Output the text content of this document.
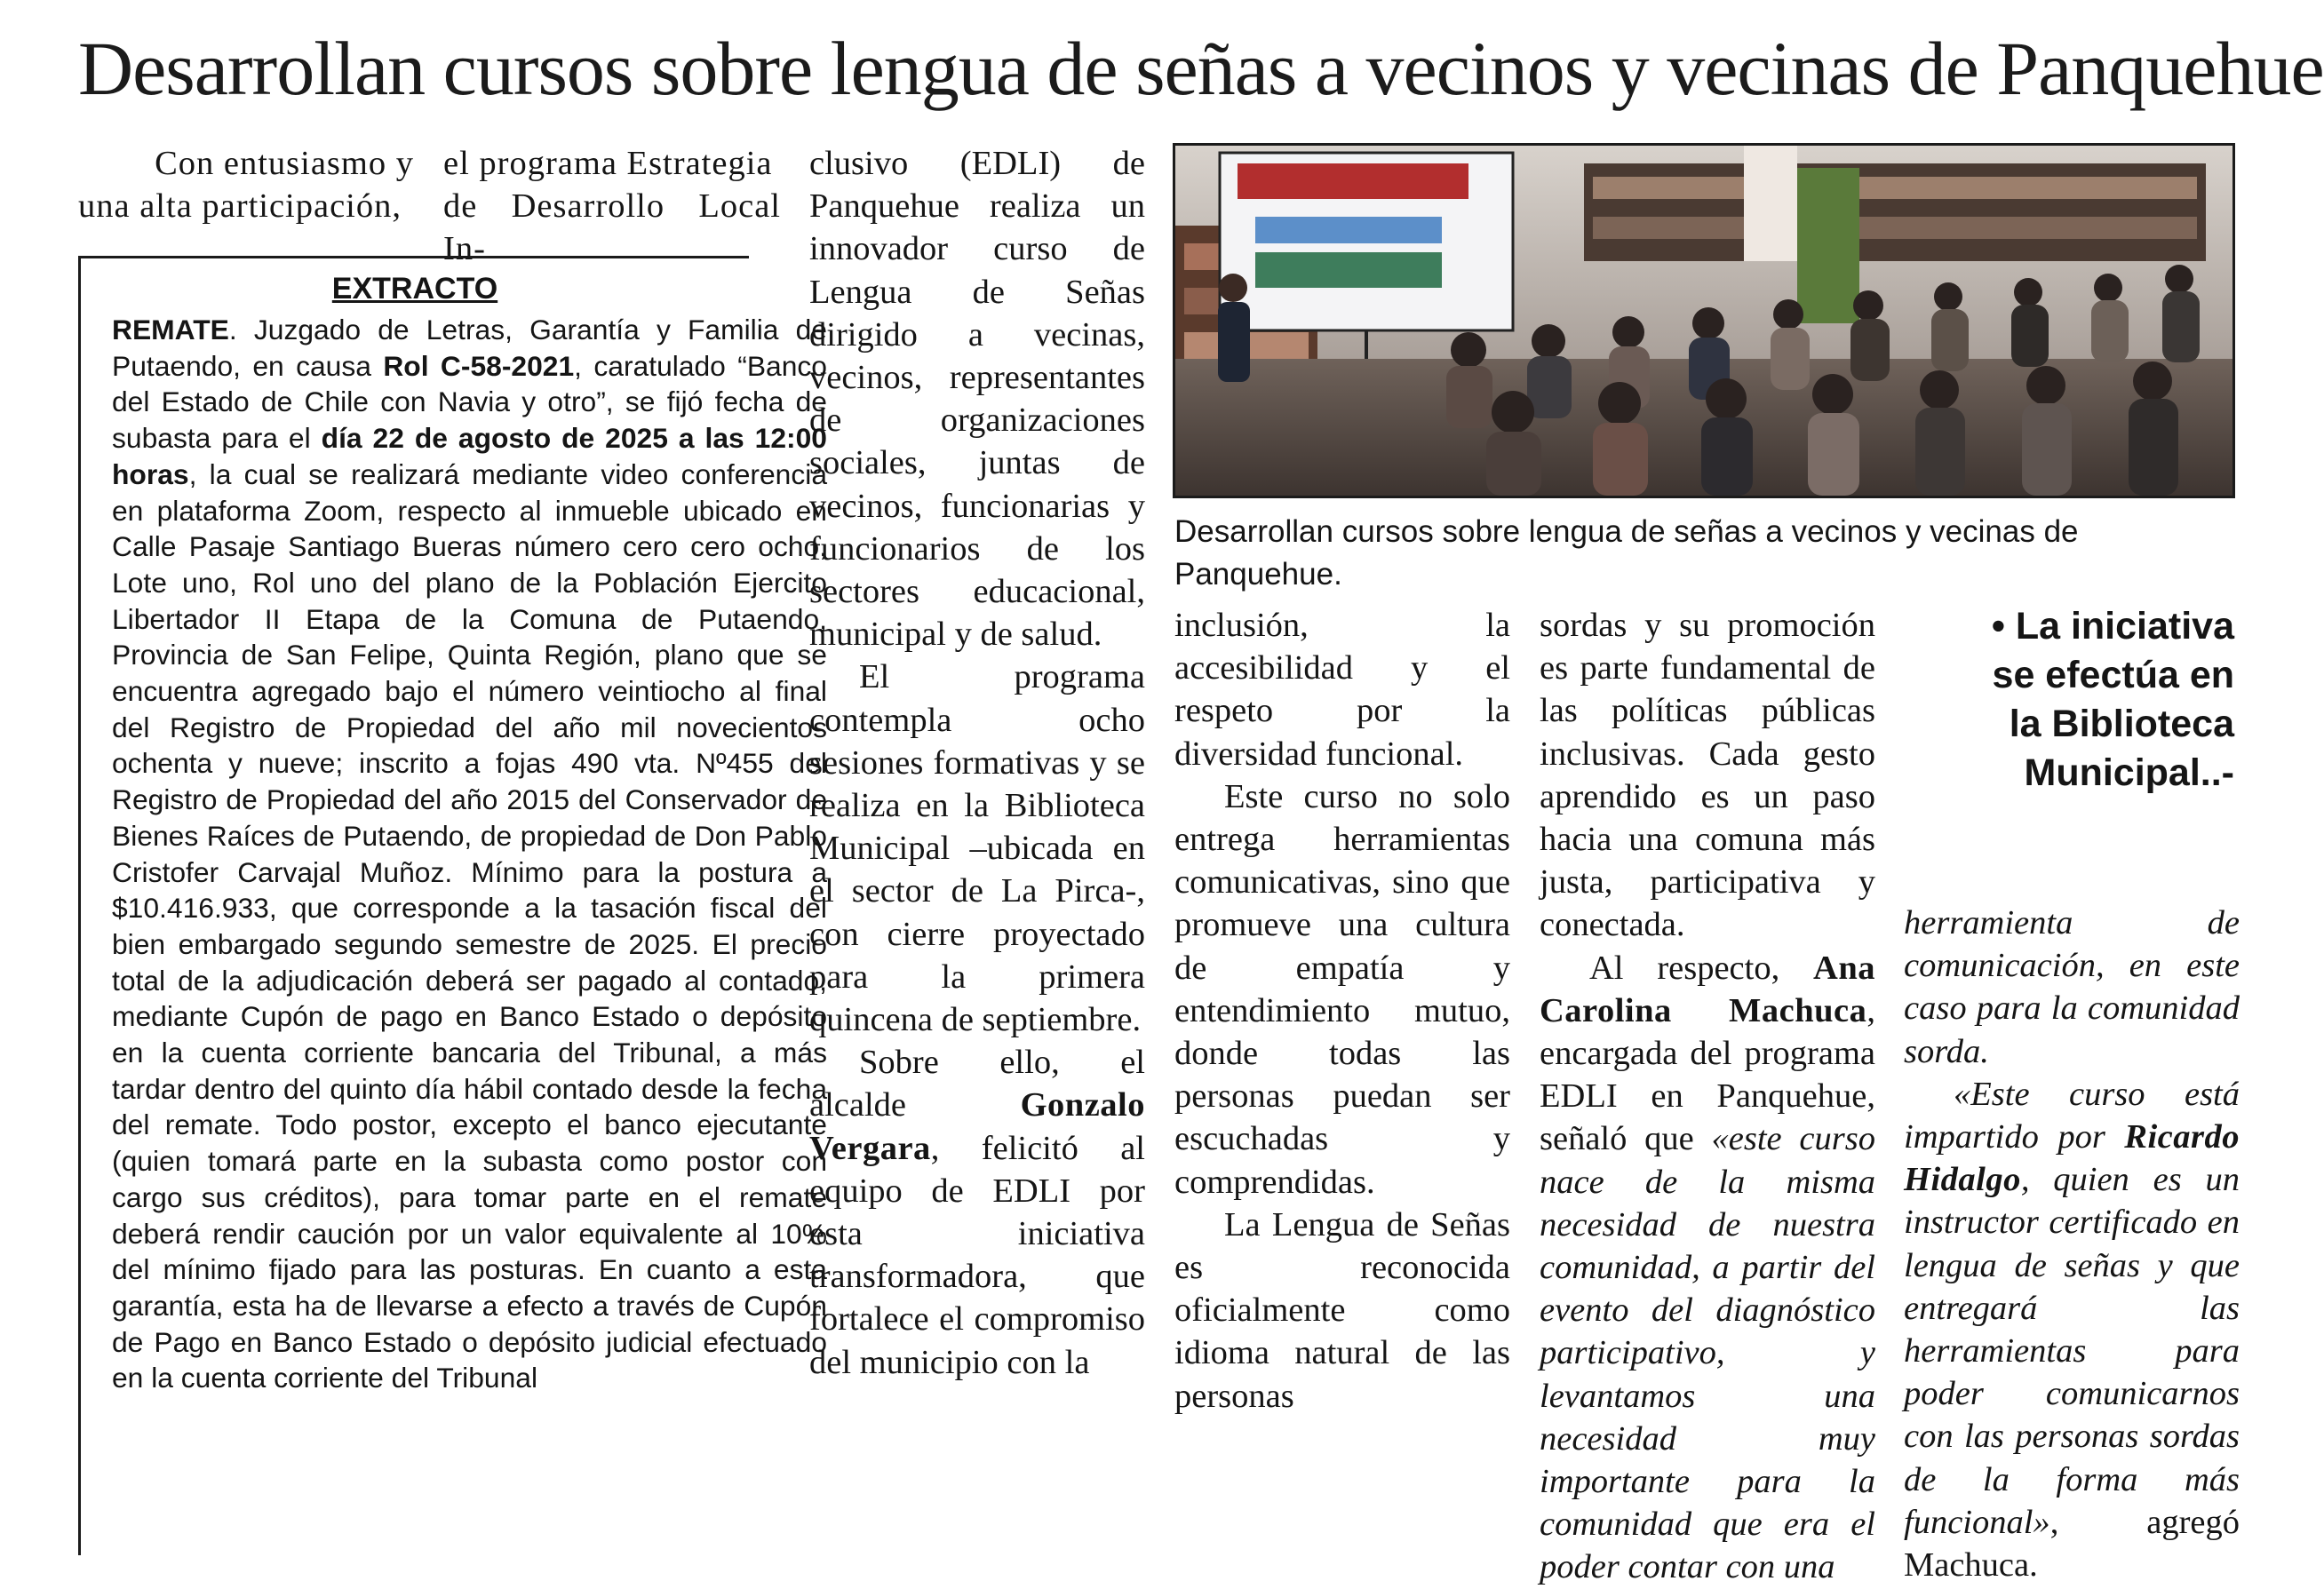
Desarrollan cursos sobre lengua de señas a vecinos y vecinas de Panquehue
Con entusiasmo y
una alta participación,
el programa Estrategia
de Desarrollo Local In-
EXTRACTO

REMATE. Juzgado de Letras, Garantía y Familia de Putaendo, en causa Rol C-58-2021, caratulado “Banco del Estado de Chile con Navia y otro”, se fijó fecha de subasta para el día 22 de agosto de 2025 a las 12:00 horas, la cual se realizará mediante video conferencia en plataforma Zoom, respecto al inmueble ubicado en Calle Pasaje Santiago Bueras número cero cero ocho, Lote uno, Rol uno del plano de la Población Ejercito Libertador II Etapa de la Comuna de Putaendo, Provincia de San Felipe, Quinta Región, plano que se encuentra agregado bajo el número veintiocho al final del Registro de Propiedad del año mil novecientos ochenta y nueve; inscrito a fojas 490 vta. Nº455 del Registro de Propiedad del año 2015 del Conservador de Bienes Raíces de Putaendo, de propiedad de Don Pablo Cristofer Carvajal Muñoz. Mínimo para la postura a $10.416.933, que corresponde a la tasación fiscal del bien embargado segundo semestre de 2025. El precio total de la adjudicación deberá ser pagado al contado, mediante Cupón de pago en Banco Estado o depósito en la cuenta corriente bancaria del Tribunal, a más tardar dentro del quinto día hábil contado desde la fecha del remate. Todo postor, excepto el banco ejecutante (quien tomará parte en la subasta como postor con cargo sus créditos), para tomar parte en el remate deberá rendir caución por un valor equivalente al 10% del mínimo fijado para las posturas. En cuanto a esta garantía, esta ha de llevarse a efecto a través de Cupón de Pago en Banco Estado o depósito judicial efectuado en la cuenta corriente del Tribunal

clusivo (EDLI) de Panquehue realiza un innovador curso de Lengua de Señas dirigido a vecinas, vecinos, representantes de organizaciones sociales, juntas de vecinos, funcionarias y funcionarios de los sectores educacional, municipal y de salud.

El programa contempla ocho sesiones formativas y se realiza en la Biblioteca Municipal –ubicada en el sector de La Pirca-, con cierre proyectado para la primera quincena de septiembre.

Sobre ello, el alcalde Gonzalo Vergara, felicitó al equipo de EDLI por esta iniciativa transformadora, que fortalece el compromiso del municipio con la

Desarrollan cursos sobre lengua de señas a vecinos y vecinas de Panquehue.

inclusión, la accesibilidad y el respeto por la diversidad funcional.

Este curso no solo entrega herramientas comunicativas, sino que promueve una cultura de empatía y entendimiento mutuo, donde todas las personas puedan ser escuchadas y comprendidas.

La Lengua de Señas es reconocida oficialmente como idioma natural de las personas

sordas y su promoción es parte fundamental de las políticas públicas inclusivas. Cada gesto aprendido es un paso hacia una comuna más justa, participativa y conectada.

Al respecto, Ana Carolina Machuca, encargada del programa EDLI en Panquehue, señaló que «este curso nace de la misma necesidad de nuestra comunidad, a partir del evento del diagnóstico participativo, y levantamos una necesidad muy importante para la comunidad que era el poder contar con una

• La iniciativa
se efectúa en
la Biblioteca
Municipal..-

herramienta de comunicación, en este caso para la comunidad sorda.

«Este curso está impartido por Ricardo Hidalgo, quien es un instructor certificado en lengua de señas y que entregará las herramientas para poder comunicarnos con las personas sordas de la forma más funcional», agregó Machuca.
